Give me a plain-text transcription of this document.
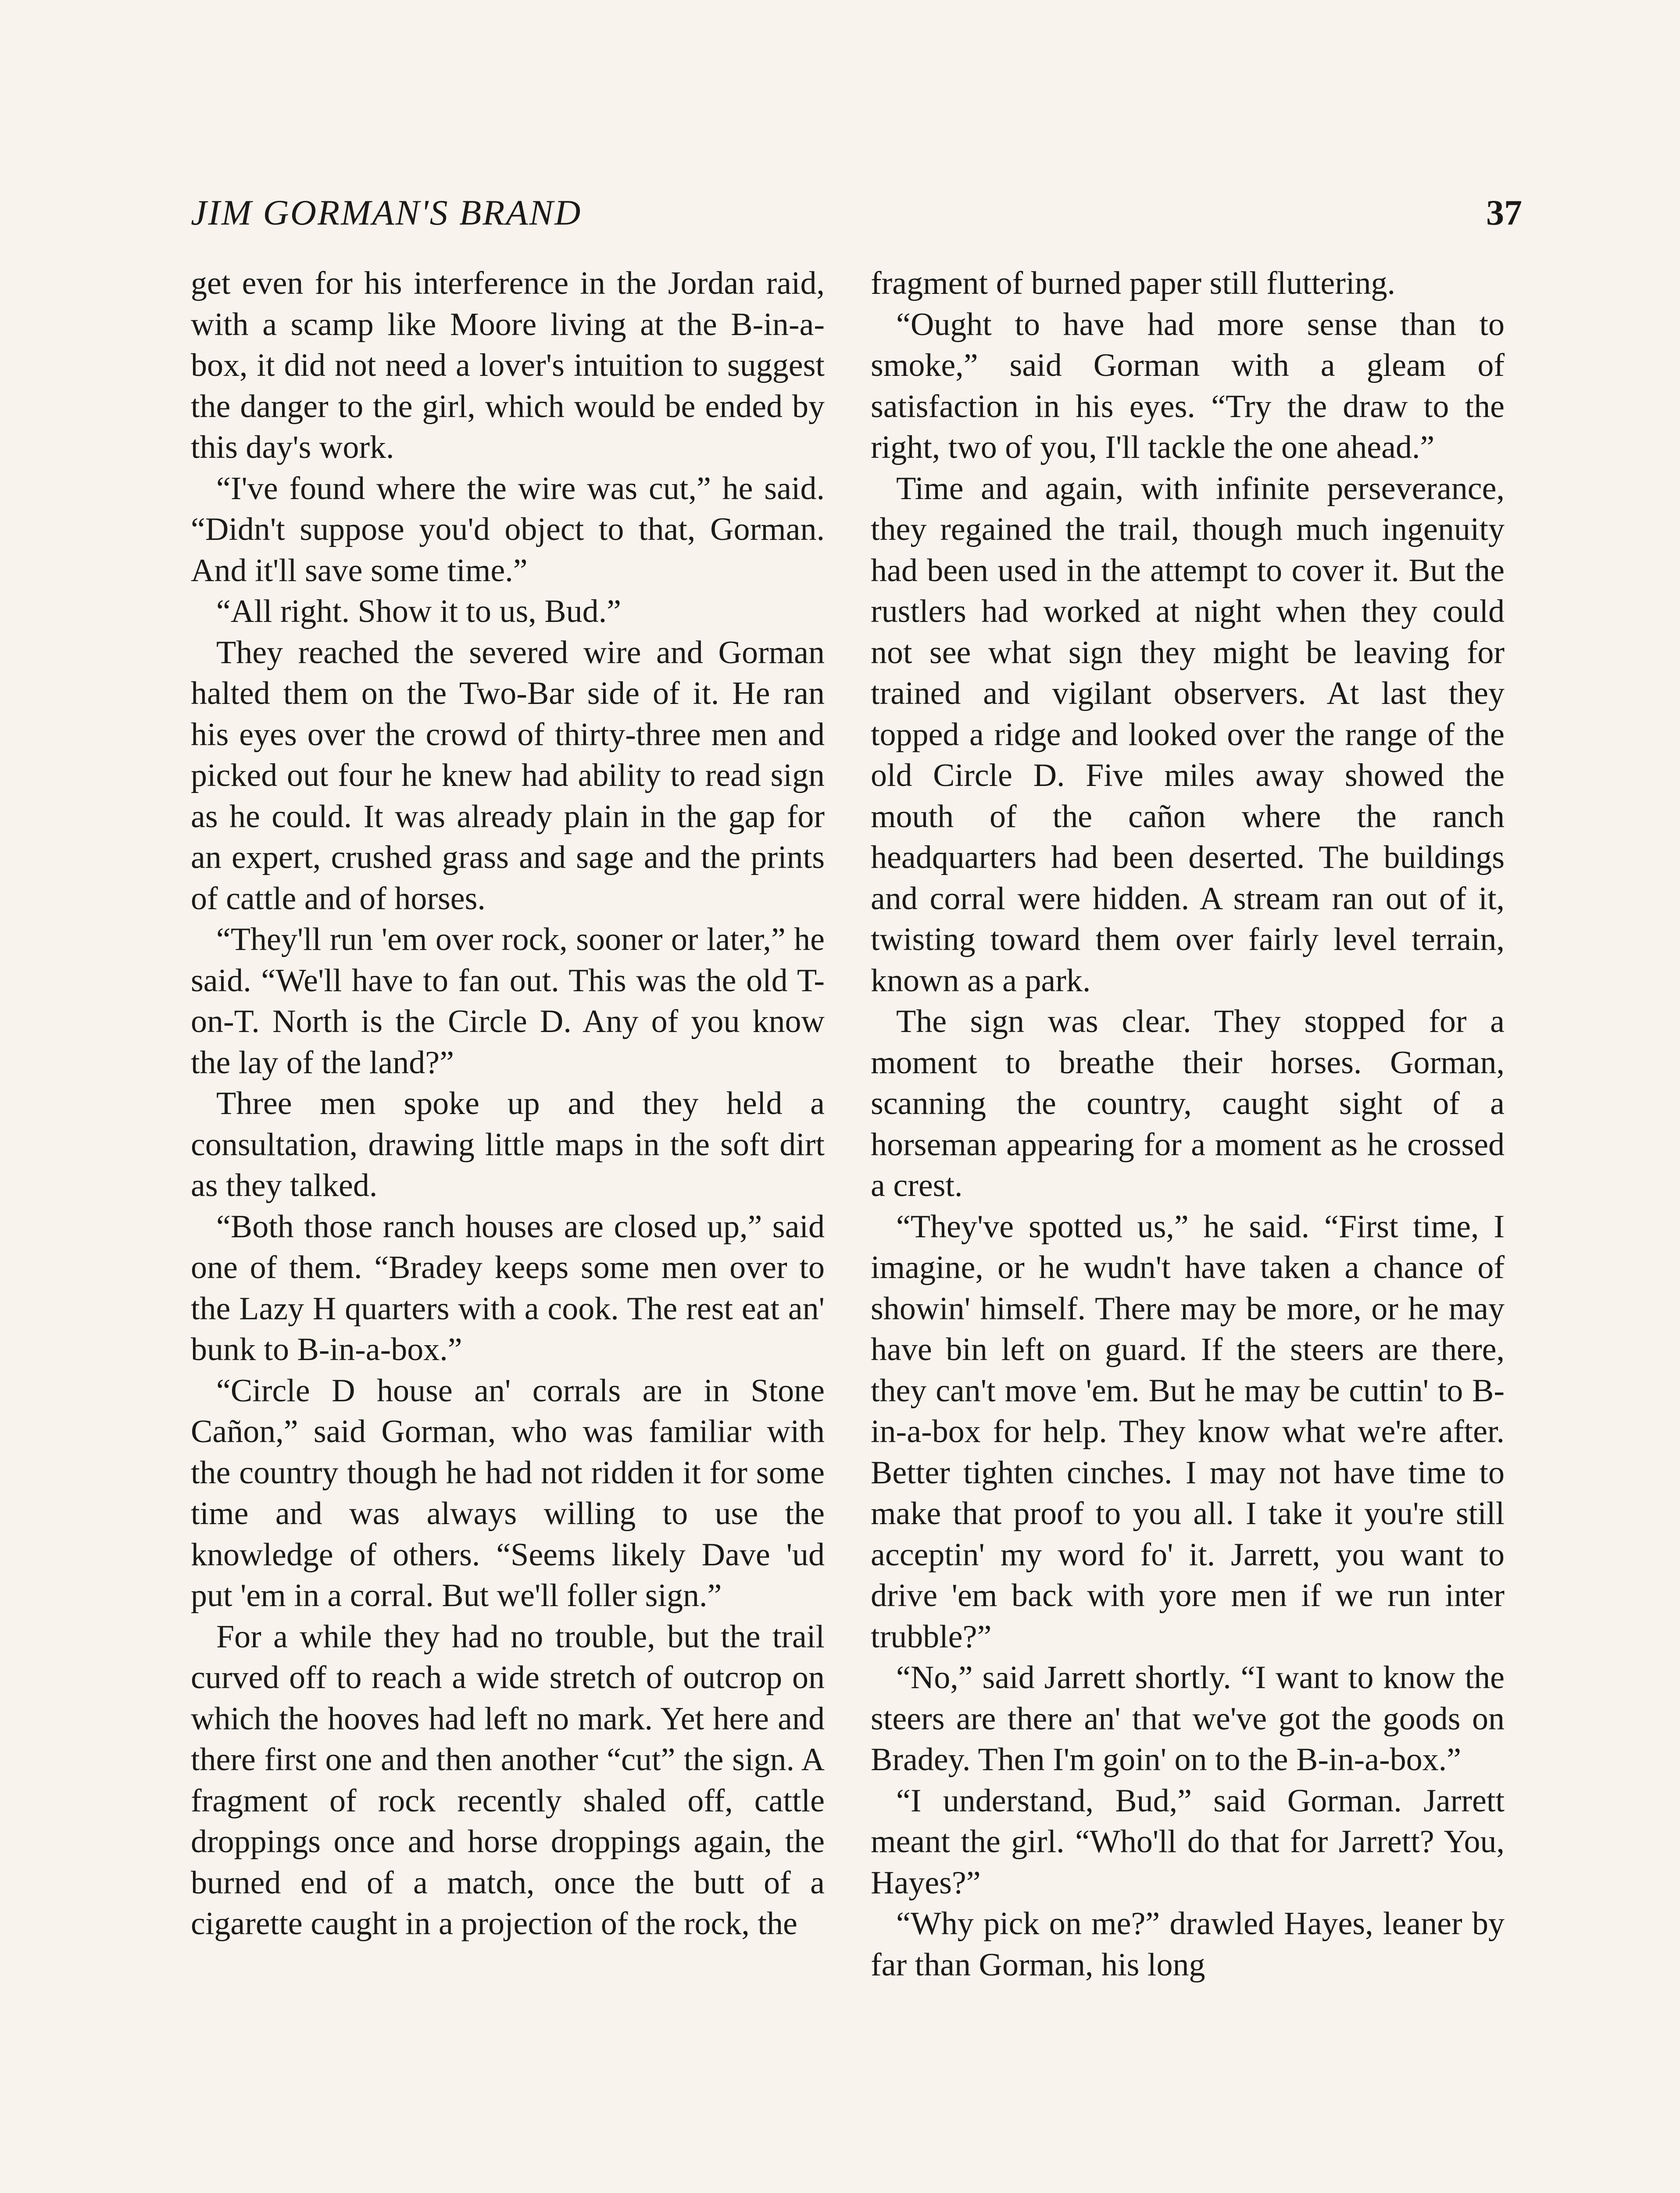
JIM GORMAN'S BRAND	37

get even for his interference in the Jordan raid, with a scamp like Moore living at the B-in-a-box, it did not need a lover's intuition to suggest the danger to the girl, which would be ended by this day's work.

“I've found where the wire was cut,” he said. “Didn't suppose you'd object to that, Gorman. And it'll save some time.”

“All right. Show it to us, Bud.”

They reached the severed wire and Gorman halted them on the Two-Bar side of it. He ran his eyes over the crowd of thirty-three men and picked out four he knew had ability to read sign as he could. It was already plain in the gap for an expert, crushed grass and sage and the prints of cattle and of horses.

“They'll run 'em over rock, sooner or later,” he said. “We'll have to fan out. This was the old T-on-T. North is the Circle D. Any of you know the lay of the land?”

Three men spoke up and they held a consultation, drawing little maps in the soft dirt as they talked.

“Both those ranch houses are closed up,” said one of them. “Bradey keeps some men over to the Lazy H quarters with a cook. The rest eat an' bunk to B-in-a-box.”

“Circle D house an' corrals are in Stone Cañon,” said Gorman, who was familiar with the country though he had not ridden it for some time and was always willing to use the knowledge of others. “Seems likely Dave 'ud put 'em in a corral. But we'll foller sign.”

For a while they had no trouble, but the trail curved off to reach a wide stretch of outcrop on which the hooves had left no mark. Yet here and there first one and then another “cut” the sign. A fragment of rock recently shaled off, cattle droppings once and horse droppings again, the burned end of a match, once the butt of a cigarette caught in a projection of the rock, the

fragment of burned paper still fluttering.

“Ought to have had more sense than to smoke,” said Gorman with a gleam of satisfaction in his eyes. “Try the draw to the right, two of you, I'll tackle the one ahead.”

Time and again, with infinite perseverance, they regained the trail, though much ingenuity had been used in the attempt to cover it. But the rustlers had worked at night when they could not see what sign they might be leaving for trained and vigilant observers. At last they topped a ridge and looked over the range of the old Circle D. Five miles away showed the mouth of the cañon where the ranch headquarters had been deserted. The buildings and corral were hidden. A stream ran out of it, twisting toward them over fairly level terrain, known as a park.

The sign was clear. They stopped for a moment to breathe their horses. Gorman, scanning the country, caught sight of a horseman appearing for a moment as he crossed a crest.

“They've spotted us,” he said. “First time, I imagine, or he wudn't have taken a chance of showin' himself. There may be more, or he may have bin left on guard. If the steers are there, they can't move 'em. But he may be cuttin' to B-in-a-box for help. They know what we're after. Better tighten cinches. I may not have time to make that proof to you all. I take it you're still acceptin' my word fo' it. Jarrett, you want to drive 'em back with yore men if we run inter trubble?”

“No,” said Jarrett shortly. “I want to know the steers are there an' that we've got the goods on Bradey. Then I'm goin' on to the B-in-a-box.”

“I understand, Bud,” said Gorman. Jarrett meant the girl. “Who'll do that for Jarrett? You, Hayes?”

“Why pick on me?” drawled Hayes, leaner by far than Gorman, his long
